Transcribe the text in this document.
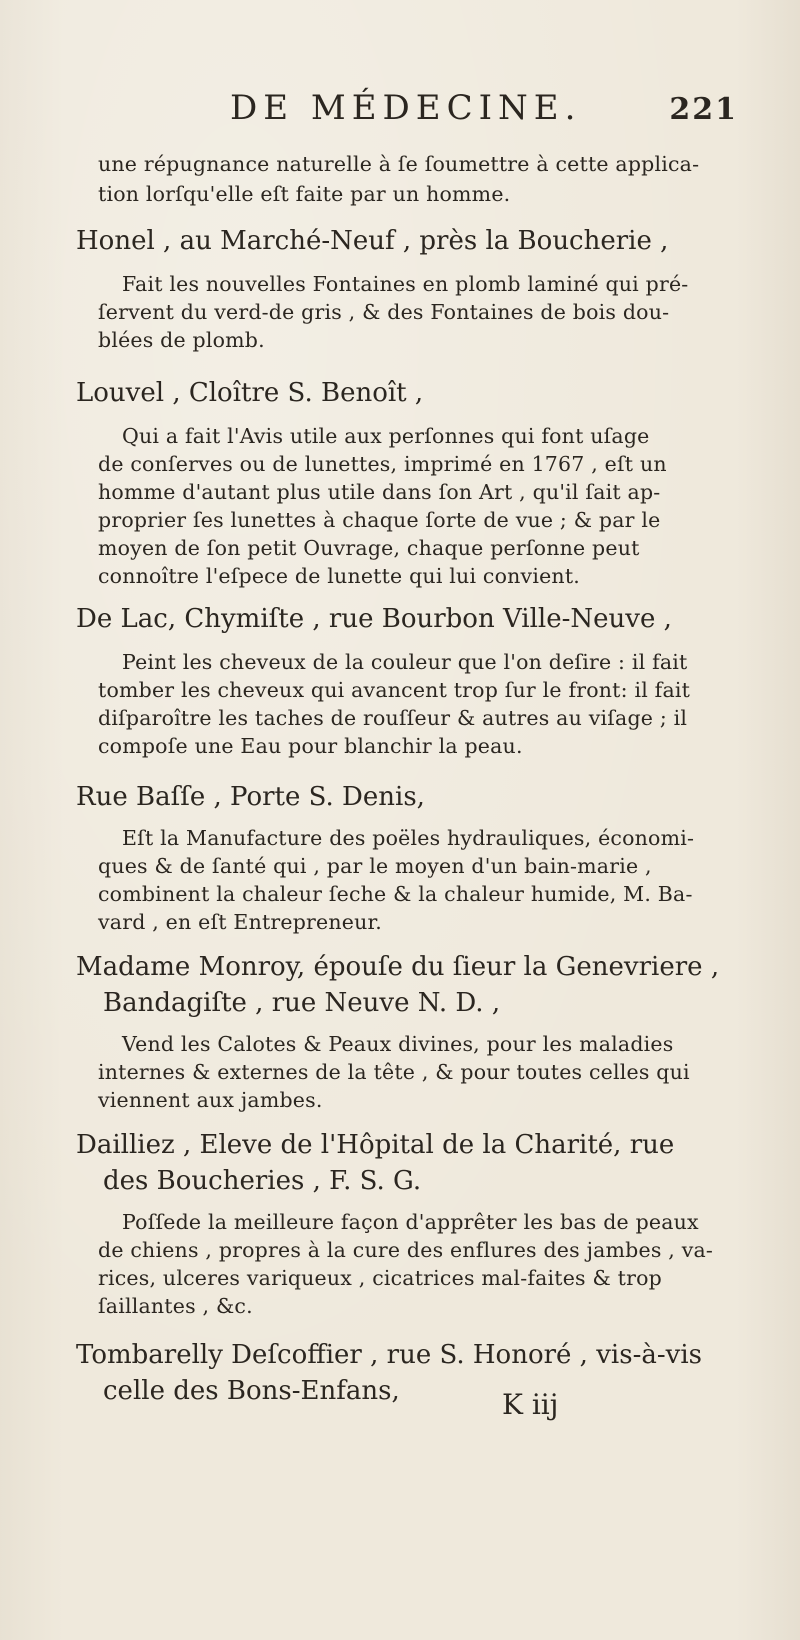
DE MÉDECINE.	221
une répugnance naturelle à ſe ſoumettre à cette applica-
tion lorſqu'elle eſt faite par un homme.
Honel , au Marché-Neuf , près la Boucherie ,
Fait les nouvelles Fontaines en plomb laminé qui pré-
ſervent du verd-de gris , & des Fontaines de bois dou-
blées de plomb.
Louvel , Cloître S. Benoît ,
Qui a fait l'Avis utile aux perſonnes qui font uſage
de conſerves ou de lunettes, imprimé en 1767 , eſt un
homme d'autant plus utile dans ſon Art , qu'il ſait ap-
proprier ſes lunettes à chaque ſorte de vue ; & par le
moyen de ſon petit Ouvrage, chaque perſonne peut
connoître l'eſpece de lunette qui lui convient.
De Lac, Chymiſte , rue Bourbon Ville-Neuve ,
Peint les cheveux de la couleur que l'on deſire : il fait
tomber les cheveux qui avancent trop ſur le front: il fait
diſparoître les taches de rouſſeur & autres au viſage ; il
compoſe une Eau pour blanchir la peau.
Rue Baſſe , Porte S. Denis,
Eſt la Manufacture des poëles hydrauliques, économi-
ques & de ſanté qui , par le moyen d'un bain-marie ,
combinent la chaleur ſeche & la chaleur humide, M. Ba-
vard , en eſt Entrepreneur.
Madame Monroy, épouſe du ſieur la Genevriere ,
Bandagiſte , rue Neuve N. D. ,
Vend les Calotes & Peaux divines, pour les maladies
internes & externes de la tête , & pour toutes celles qui
viennent aux jambes.
Dailliez , Eleve de l'Hôpital de la Charité, rue
des Boucheries , F. S. G.
Poſſede la meilleure façon d'apprêter les bas de peaux
de chiens , propres à la cure des enflures des jambes , va-
rices, ulceres variqueux , cicatrices mal-faites & trop
ſaillantes , &c.
Tombarelly Deſcoffier , rue S. Honoré , vis-à-vis
celle des Bons-Enfans,	K iij
